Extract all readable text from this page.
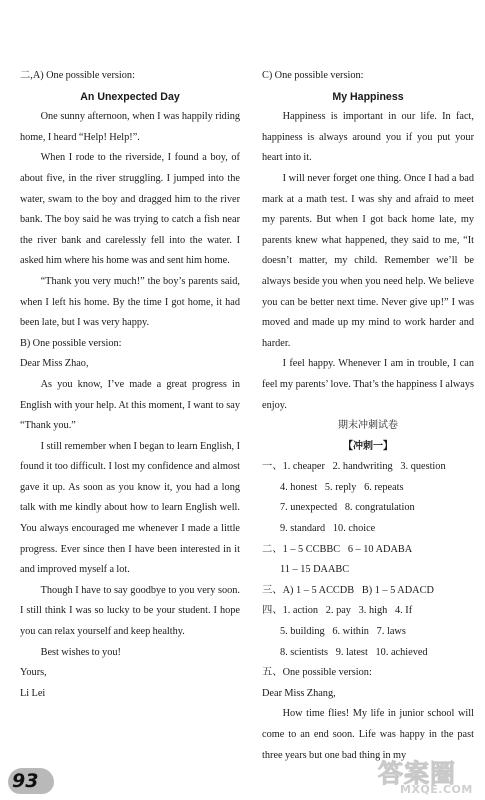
二,A) One possible version:

An Unexpected Day

One sunny afternoon, when I was happily riding home, I heard “Help! Help!”.

When I rode to the riverside, I found a boy, of about five, in the river struggling. I jumped into the water, swam to the boy and dragged him to the river bank. The boy said he was trying to catch a fish near the river bank and carelessly fell into the water. I asked him where his home was and sent him home.

“Thank you very much!” the boy’s parents said, when I left his home. By the time I got home, it had been late, but I was very happy.

B) One possible version:

Dear Miss Zhao,

As you know, I’ve made a great progress in English with your help. At this moment, I want to say “Thank you.”

I still remember when I began to learn English, I found it too difficult. I lost my confidence and almost gave it up. As soon as you know it, you had a long talk with me kindly about how to learn English well. You always encouraged me whenever I made a little progress. Ever since then I have been interested in it and improved myself a lot.

Though I have to say goodbye to you very soon. I still think I was so lucky to be your student. I hope you can relax yourself and keep healthy.

Best wishes to you!

Yours,

Li Lei

C) One possible version:

My Happiness

Happiness is important in our life. In fact, happiness is always around you if you put your heart into it.

I will never forget one thing. Once I had a bad mark at a math test. I was shy and afraid to meet my parents. But when I got back home late, my parents knew what happened, they said to me, “It doesn’t matter, my child. Remember we’ll be always beside you when you need help. We believe you can be better next time. Never give up!” I was moved and made up my mind to work harder and harder.

I feel happy. Whenever I am in trouble, I can feel my parents’ love. That’s the happiness I always enjoy.

期末冲刺试卷

【冲刺一】

一、1. cheaper   2. handwriting   3. question

4. honest   5. reply   6. repeats

7. unexpected   8. congratulation

9. standard   10. choice

二、1 – 5 CCBBC   6 – 10 ADABA

11 – 15 DAABC

三、A) 1 – 5 ACCDB   B) 1 – 5 ADACD

四、1. action   2. pay   3. high   4. If

5. building   6. within   7. laws

8. scientists   9. latest   10. achieved

五、One possible version:

Dear Miss Zhang,

How time flies! My life in junior school will come to an end soon. Life was happy in the past three years but one bad thing in my

93	答案圈
MXQE.COM
